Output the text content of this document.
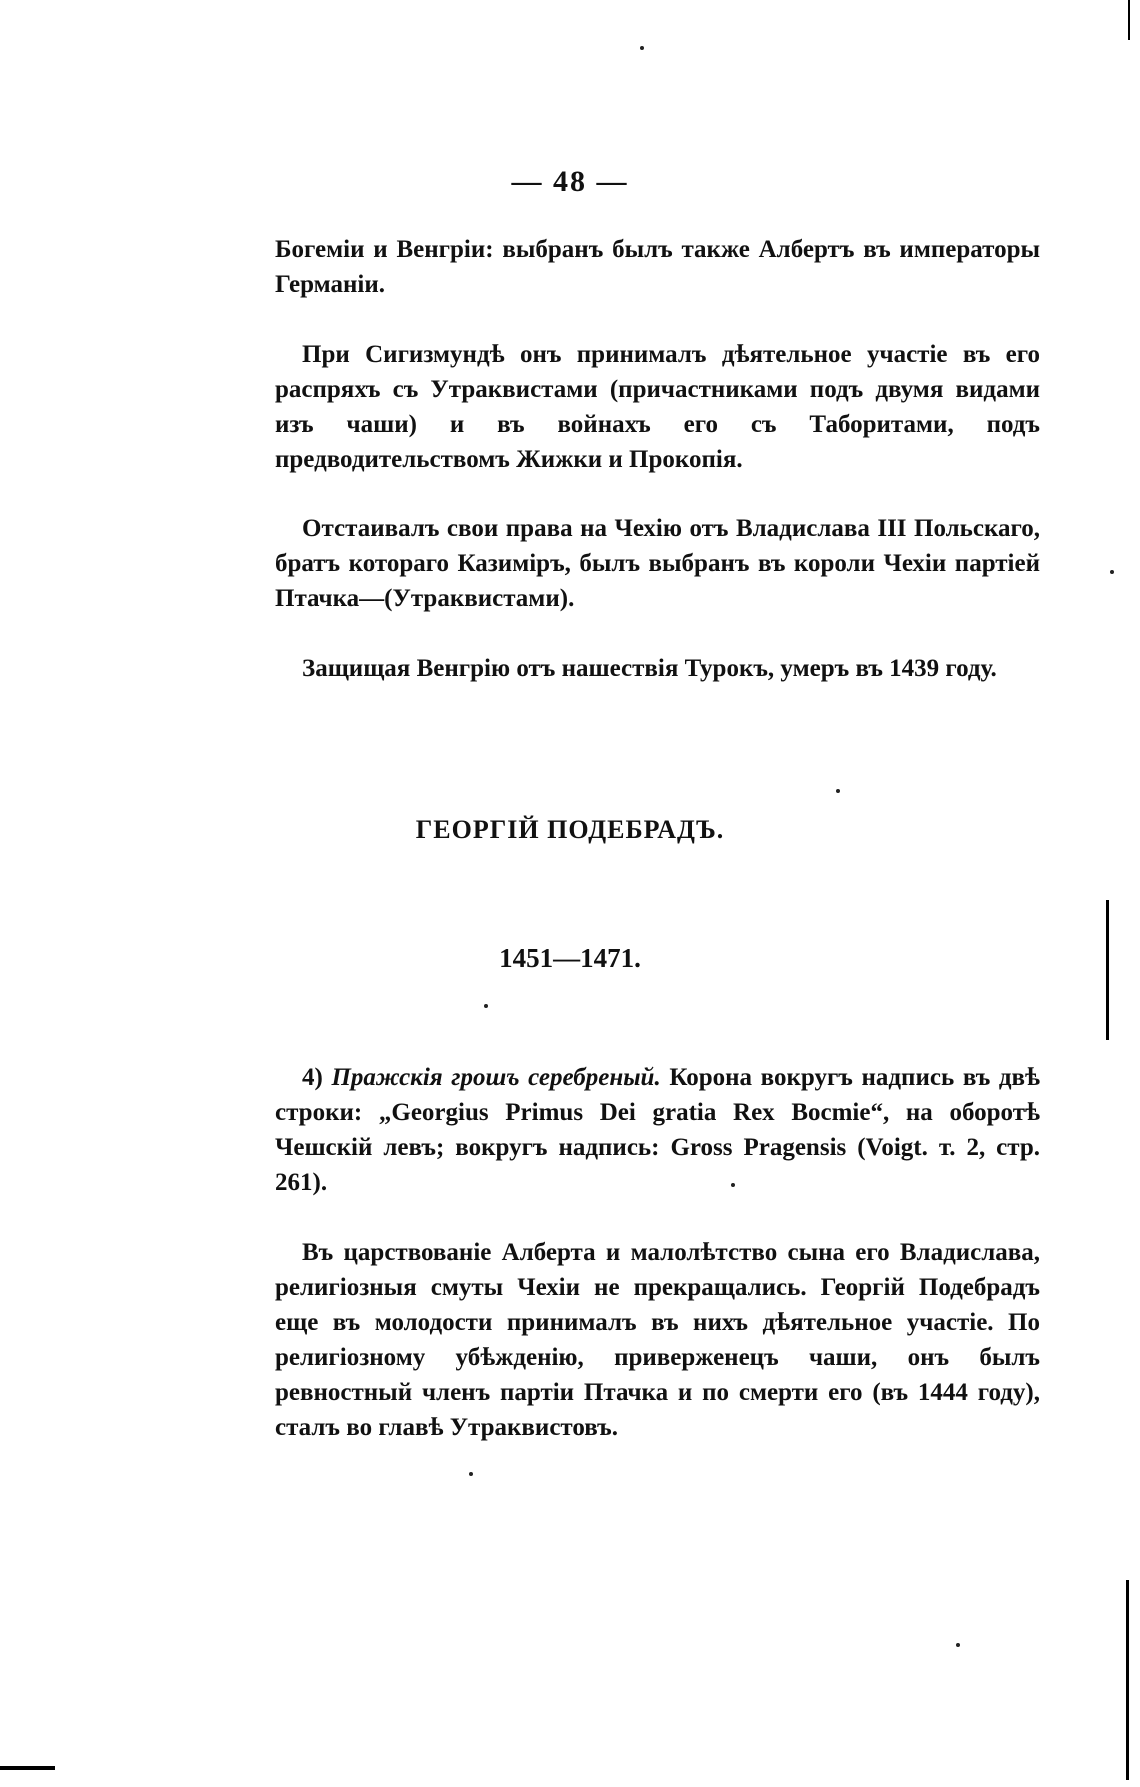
— 48 —

Богемiи и Венгрiи: выбранъ былъ также Албертъ въ императоры Германiи.

При Сигизмундѣ онъ принималъ дѣятельное участiе въ его распряхъ съ Утраквистами (причастниками подъ двумя видами изъ чаши) и въ войнахъ его съ Таборитами, подъ предводительствомъ Жижки и Прокопiя.

Отстаивалъ свои права на Чехiю отъ Владислава III Польскаго, братъ котораго Казимiръ, былъ выбранъ въ короли Чехiи партiей Птачка—(Утраквистами).

Защищая Венгрiю отъ нашествiя Турокъ, умеръ въ 1439 году.

ГЕОРГIЙ ПОДЕБРАДЪ.

1451—1471.

4) Пражскiя грошъ серебреный. Корона вокругъ надпись въ двѣ строки: „Georgius Primus Dei gratia Rex Bocmie“, на оборотѣ Чешскiй левъ; вокругъ надпись: Gross Pragensis (Voigt. т. 2, стр. 261).

Въ царствованiе Алберта и малолѣтство сына его Владислава, религiозныя смуты Чехiи не прекращались. Георгiй Подебрадъ еще въ молодости принималъ въ нихъ дѣятельное участiе. По религiозному убѣжденiю, приверженецъ чаши, онъ былъ ревностный членъ партiи Птачка и по смерти его (въ 1444 году), сталъ во главѣ Утраквистовъ.
